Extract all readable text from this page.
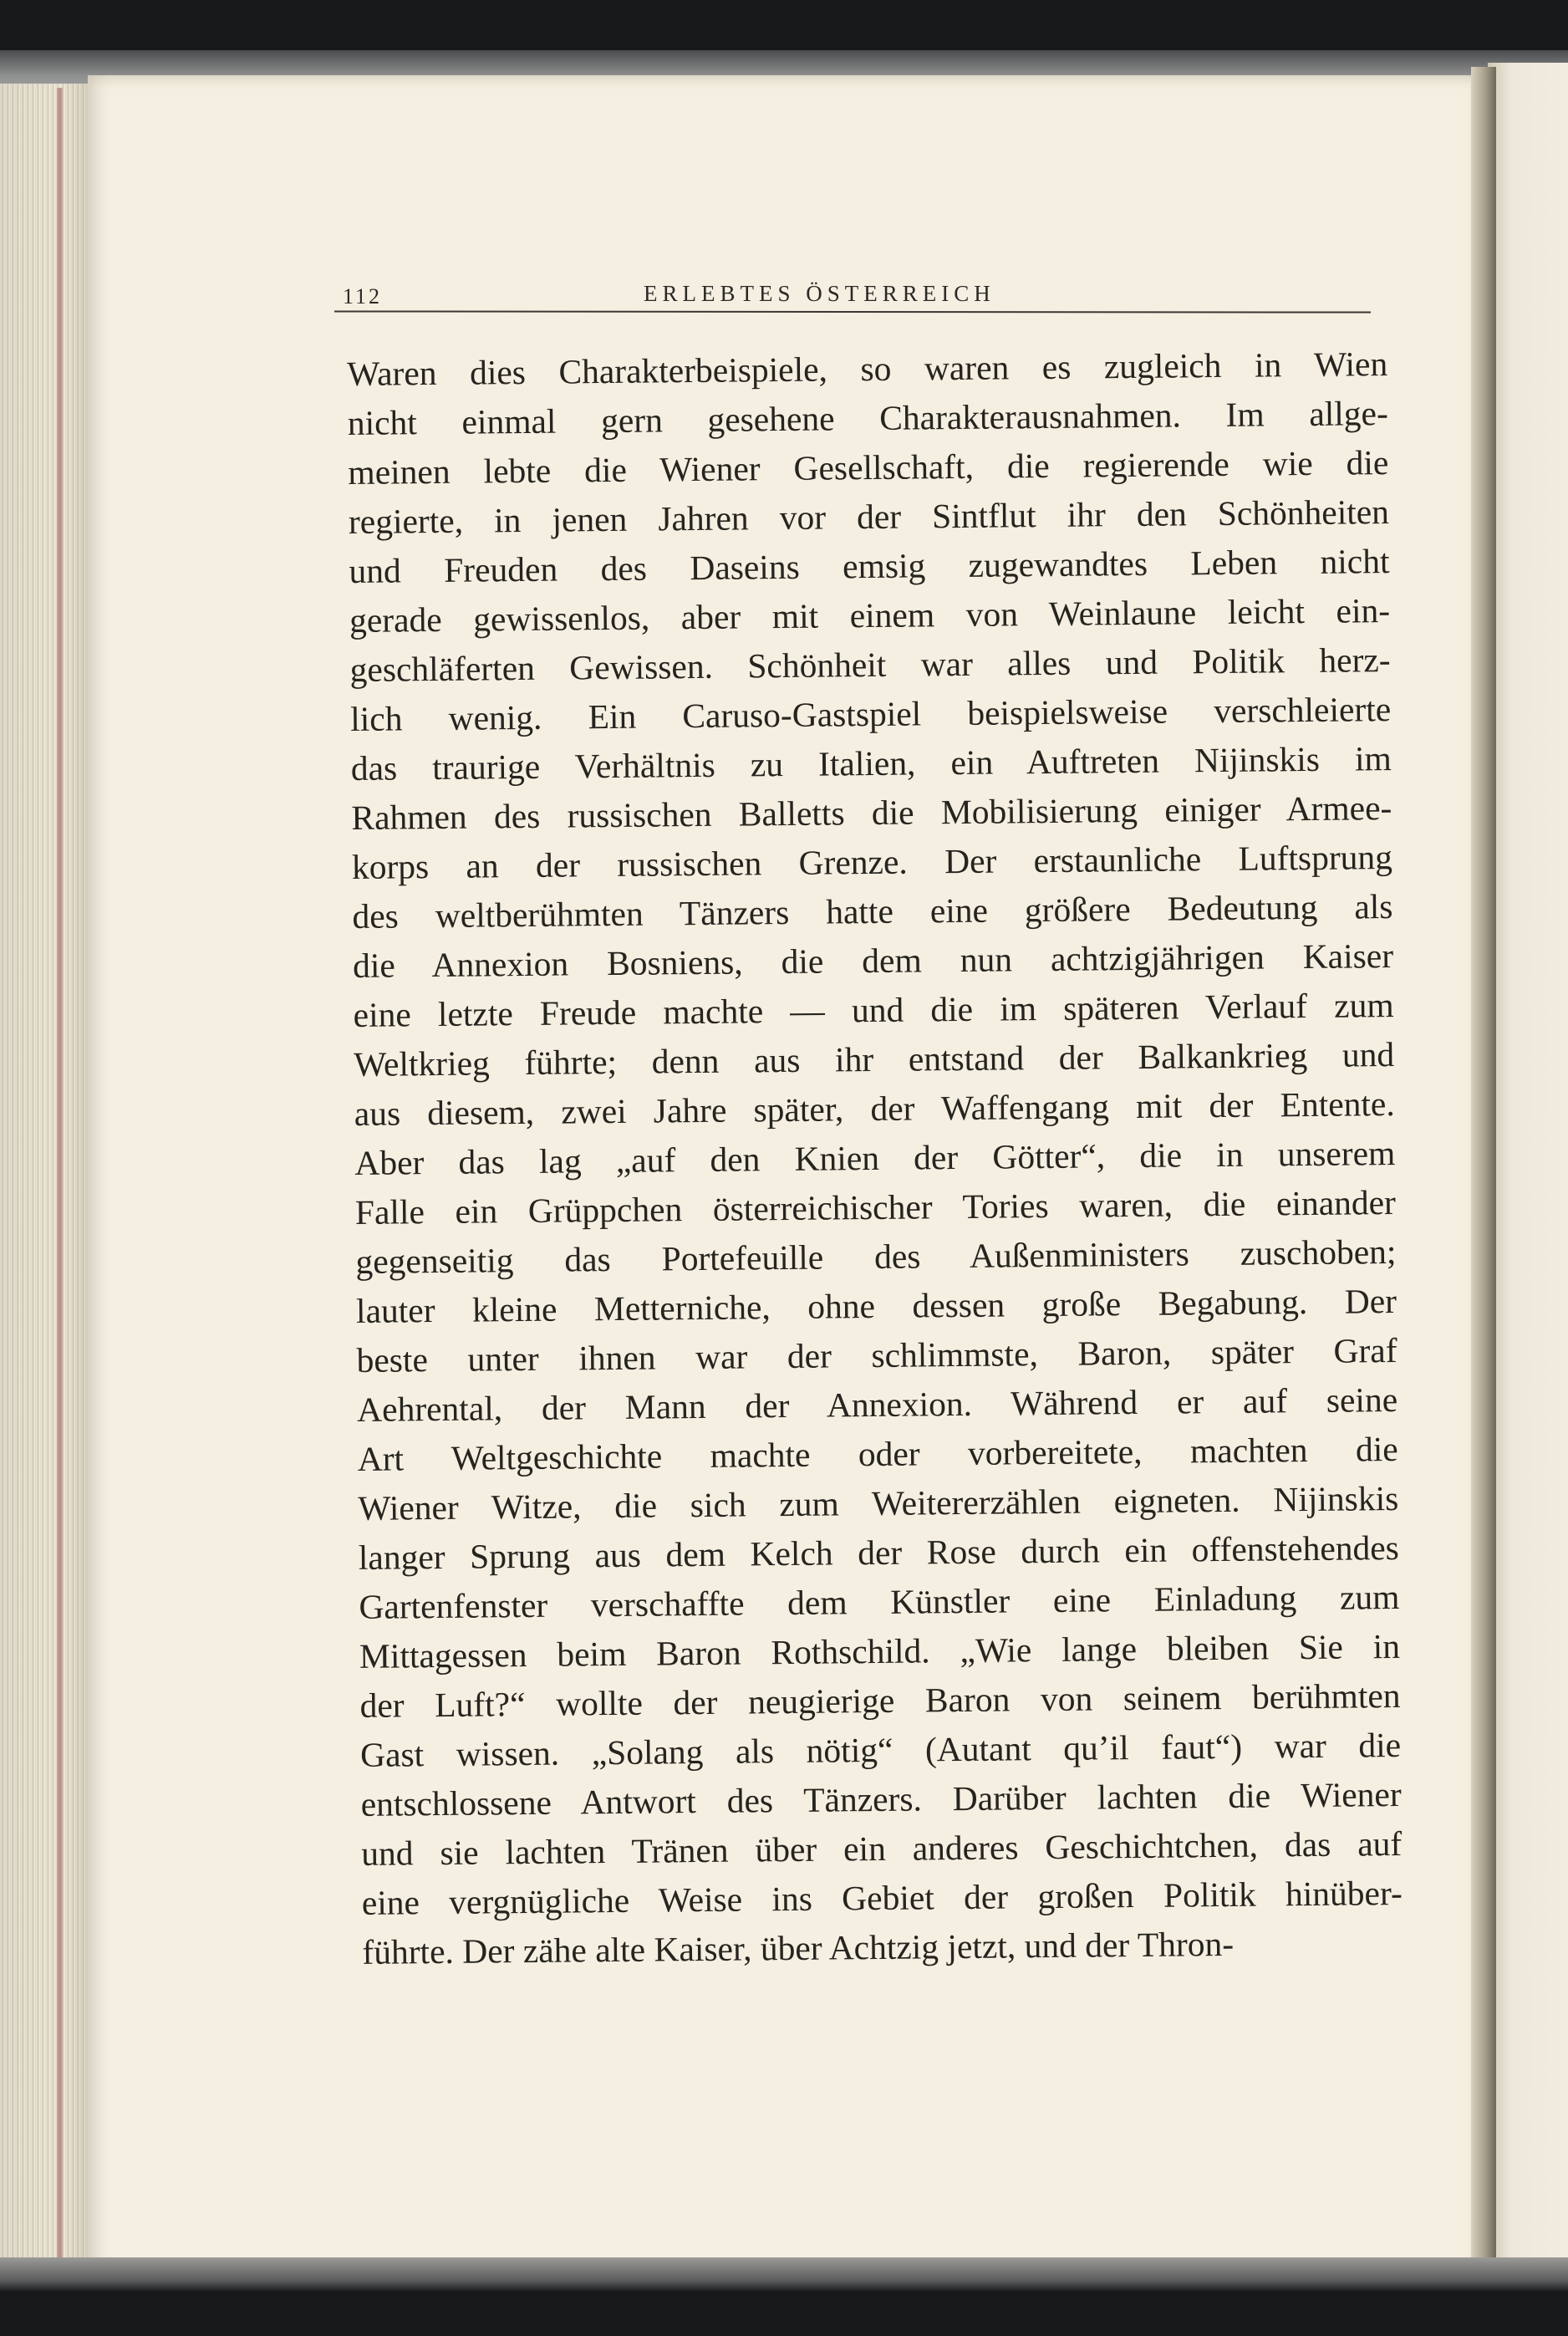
112	ERLEBTES ÖSTERREICH
Waren dies Charakterbeispiele, so waren es zugleich in Wien
nicht einmal gern gesehene Charakterausnahmen. Im allge-
meinen lebte die Wiener Gesellschaft, die regierende wie die
regierte, in jenen Jahren vor der Sintflut ihr den Schönheiten
und Freuden des Daseins emsig zugewandtes Leben nicht
gerade gewissenlos, aber mit einem von Weinlaune leicht ein-
geschläferten Gewissen. Schönheit war alles und Politik herz-
lich wenig. Ein Caruso-Gastspiel beispielsweise verschleierte
das traurige Verhältnis zu Italien, ein Auftreten Nijinskis im
Rahmen des russischen Balletts die Mobilisierung einiger Armee-
korps an der russischen Grenze. Der erstaunliche Luftsprung
des weltberühmten Tänzers hatte eine größere Bedeutung als
die Annexion Bosniens, die dem nun achtzigjährigen Kaiser
eine letzte Freude machte — und die im späteren Verlauf zum
Weltkrieg führte; denn aus ihr entstand der Balkankrieg und
aus diesem, zwei Jahre später, der Waffengang mit der Entente.
Aber das lag „auf den Knien der Götter“, die in unserem
Falle ein Grüppchen österreichischer Tories waren, die einander
gegenseitig das Portefeuille des Außenministers zuschoben;
lauter kleine Metterniche, ohne dessen große Begabung. Der
beste unter ihnen war der schlimmste, Baron, später Graf
Aehrental, der Mann der Annexion. Während er auf seine
Art Weltgeschichte machte oder vorbereitete, machten die
Wiener Witze, die sich zum Weitererzählen eigneten. Nijinskis
langer Sprung aus dem Kelch der Rose durch ein offenstehendes
Gartenfenster verschaffte dem Künstler eine Einladung zum
Mittagessen beim Baron Rothschild. „Wie lange bleiben Sie in
der Luft?“ wollte der neugierige Baron von seinem berühmten
Gast wissen. „Solang als nötig“ (Autant qu’il faut“) war die
entschlossene Antwort des Tänzers. Darüber lachten die Wiener
und sie lachten Tränen über ein anderes Geschichtchen, das auf
eine vergnügliche Weise ins Gebiet der großen Politik hinüber-
führte. Der zähe alte Kaiser, über Achtzig jetzt, und der Thron-
